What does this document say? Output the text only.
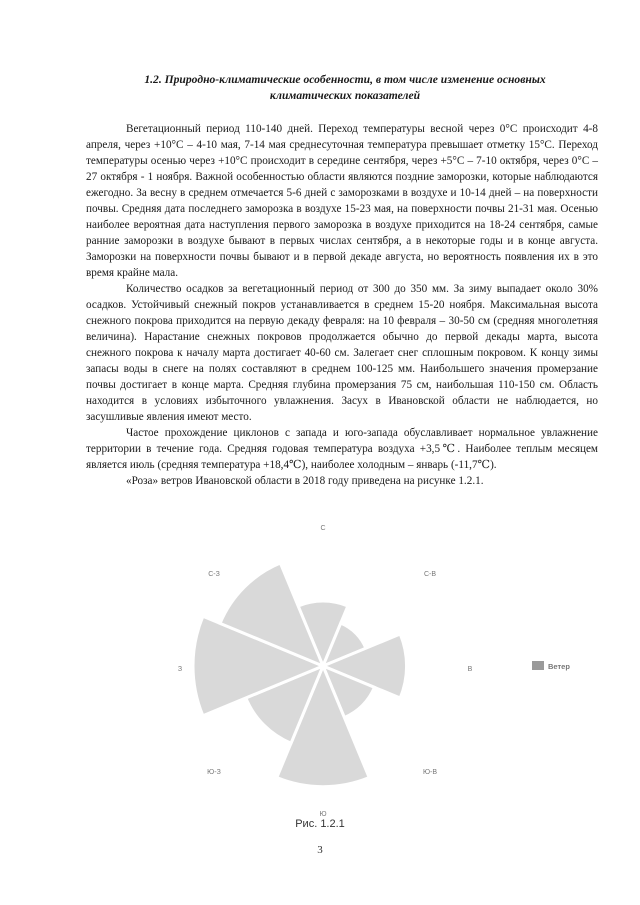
1.2. Природно-климатические особенности, в том числе изменение основных
климатических показателей

Вегетационный период 110-140 дней. Переход температуры весной через 0°С происходит 4-8 апреля, через +10°С – 4-10 мая, 7-14 мая среднесуточная температура превышает отметку 15°С. Переход температуры осенью через +10°С происходит в середине сентября, через +5°С – 7-10 октября, через 0°С – 27 октября - 1 ноября. Важной особенностью области являются поздние заморозки, которые наблюдаются ежегодно. За весну в среднем отмечается 5-6 дней с заморозками в воздухе и 10-14 дней – на поверхности почвы. Средняя дата последнего заморозка в воздухе 15-23 мая, на поверхности почвы 21-31 мая. Осенью наиболее вероятная дата наступления первого заморозка в воздухе приходится на 18-24 сентября, самые ранние заморозки в воздухе бывают в первых числах сентября, а в некоторые годы и в конце августа. Заморозки на поверхности почвы бывают и в первой декаде августа, но вероятность появления их в это время крайне мала.

Количество осадков за вегетационный период от 300 до 350 мм. За зиму выпадает около 30% осадков. Устойчивый снежный покров устанавливается в среднем 15-20 ноября. Максимальная высота снежного покрова приходится на первую декаду февраля: на 10 февраля – 30-50 см (средняя многолетняя величина). Нарастание снежных покровов продолжается обычно до первой декады марта, высота снежного покрова к началу марта достигает 40-60 см. Залегает снег сплошным покровом. К концу зимы запасы воды в снеге на полях составляют в среднем 100-125 мм. Наибольшего значения промерзание почвы достигает в конце марта. Средняя глубина промерзания 75 см, наибольшая 110-150 см. Область находится в условиях избыточного увлажнения. Засух в Ивановской области не наблюдается, но засушливые явления имеют место.

Частое прохождение циклонов с запада и юго-запада обуславливает нормальное увлажнение территории в течение года. Средняя годовая температура воздуха +3,5℃. Наиболее теплым месяцем является июль (средняя температура +18,4℃), наиболее холодным – январь (-11,7℃).

«Роза» ветров Ивановской области в 2018 году приведена на рисунке 1.2.1.

С
С-В
В
Ю-В
Ю
Ю-З
З
С-З
Ветер
Рис. 1.2.1
3
